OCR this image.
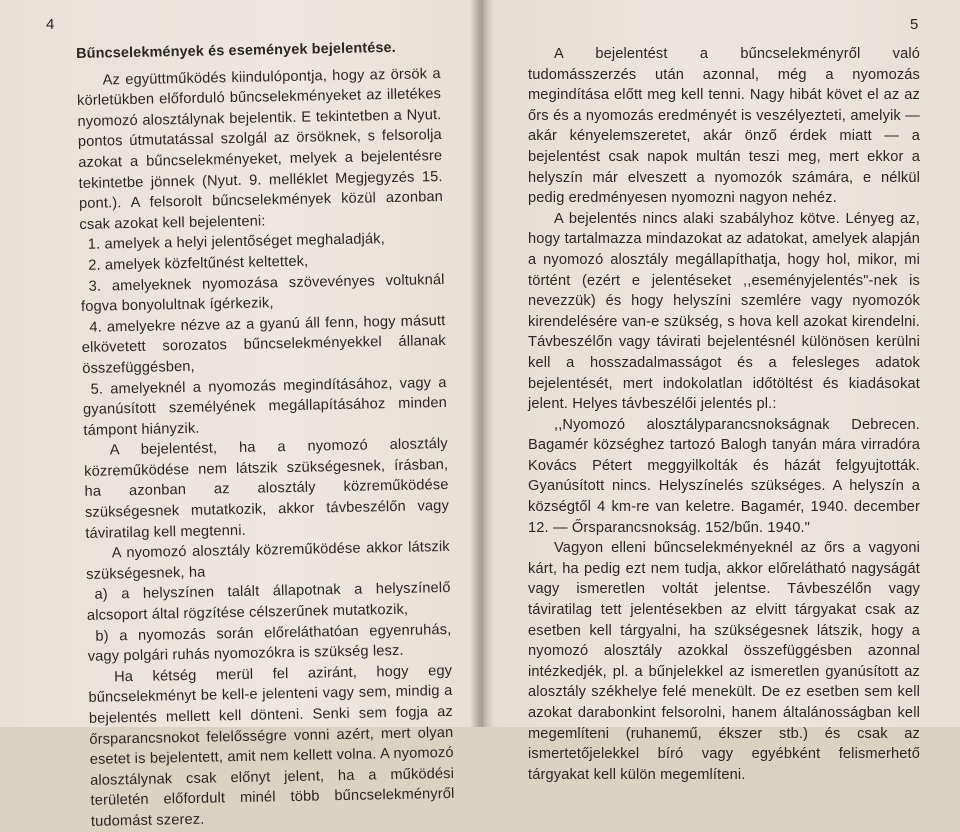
4	5

Bűncselekmények és események bejelentése.

Az együttműködés kiindulópontja, hogy az örsök a körletükben előforduló bűncselekményeket az illetékes nyomozó alosztálynak bejelentik. E tekintetben a Nyut. pontos útmutatással szolgál az örsöknek, s felsorolja azokat a bűncselekményeket, melyek a bejelentésre tekintetbe jönnek (Nyut. 9. melléklet Megjegyzés 15. pont.). A felsorolt bűncselekmények közül azonban csak azokat kell bejelenteni:

1. amelyek a helyi jelentőséget meghaladják,

2. amelyek közfeltűnést keltettek,

3. amelyeknek nyomozása szövevényes voltuknál fogva bonyolultnak ígérkezik,

4. amelyekre nézve az a gyanú áll fenn, hogy másutt elkövetett sorozatos bűncselekményekkel állanak összefüggésben,

5. amelyeknél a nyomozás megindításához, vagy a gyanúsított személyének megállapításához minden támpont hiányzik.

A bejelentést, ha a nyomozó alosztály közreműködése nem látszik szükségesnek, írásban, ha azonban az alosztály közreműködése szükségesnek mutatkozik, akkor távbeszélőn vagy táviratilag kell megtenni.

A nyomozó alosztály közreműködése akkor látszik szükségesnek, ha

a) a helyszínen talált állapotnak a helyszínelő alcsoport által rögzítése célszerűnek mutatkozik,

b) a nyomozás során előreláthatóan egyenruhás, vagy polgári ruhás nyomozókra is szükség lesz.

Ha kétség merül fel aziránt, hogy egy bűncselekményt be kell-e jelenteni vagy sem, mindig a bejelentés mellett kell dönteni. Senki sem fogja az őrsparancsnokot felelősségre vonni azért, mert olyan esetet is bejelentett, amit nem kellett volna. A nyomozó alosztálynak csak előnyt jelent, ha a működési területén előfordult minél több bűncselekményről tudomást szerez.

A bejelentést a bűncselekményről való tudomásszerzés után azonnal, még a nyomozás megindítása előtt meg kell tenni. Nagy hibát követ el az az őrs és a nyomozás eredményét is veszélyezteti, amelyik — akár kényelemszeretet, akár önző érdek miatt — a bejelentést csak napok multán teszi meg, mert ekkor a helyszín már elveszett a nyomozók számára, e nélkül pedig eredményesen nyomozni nagyon nehéz.

A bejelentés nincs alaki szabályhoz kötve. Lényeg az, hogy tartalmazza mindazokat az adatokat, amelyek alapján a nyomozó alosztály megállapíthatja, hogy hol, mikor, mi történt (ezért e jelentéseket ,,eseményjelentés"-nek is nevezzük) és hogy helyszíni szemlére vagy nyomozók kirendelésére van-e szükség, s hova kell azokat kirendelni. Távbeszélőn vagy távirati bejelentésnél különösen kerülni kell a hosszadalmasságot és a felesleges adatok bejelentését, mert indokolatlan időtöltést és kiadásokat jelent. Helyes távbeszélői jelentés pl.:

,,Nyomozó alosztályparancsnokságnak Debrecen. Bagamér községhez tartozó Balogh tanyán mára virradóra Kovács Pétert meggyilkolták és házát felgyujtották. Gyanúsított nincs. Helyszínelés szükséges. A helyszín a községtől 4 km-re van keletre. Bagamér, 1940. december 12. — Őrsparancsnokság. 152/bűn. 1940."

Vagyon elleni bűncselekményeknél az őrs a vagyoni kárt, ha pedig ezt nem tudja, akkor előrelátható nagyságát vagy ismeretlen voltát jelentse. Távbeszélőn vagy táviratilag tett jelentésekben az elvitt tárgyakat csak az esetben kell tárgyalni, ha szükségesnek látszik, hogy a nyomozó alosztály azokkal összefüggésben azonnal intézkedjék, pl. a bűnjelekkel az ismeretlen gyanúsított az alosztály székhelye felé menekült. De ez esetben sem kell azokat darabonkint felsorolni, hanem általánosságban kell megemlíteni (ruhanemű, ékszer stb.) és csak az ismertetőjelekkel bíró vagy egyébként felismerhető tárgyakat kell külön megemlíteni.
